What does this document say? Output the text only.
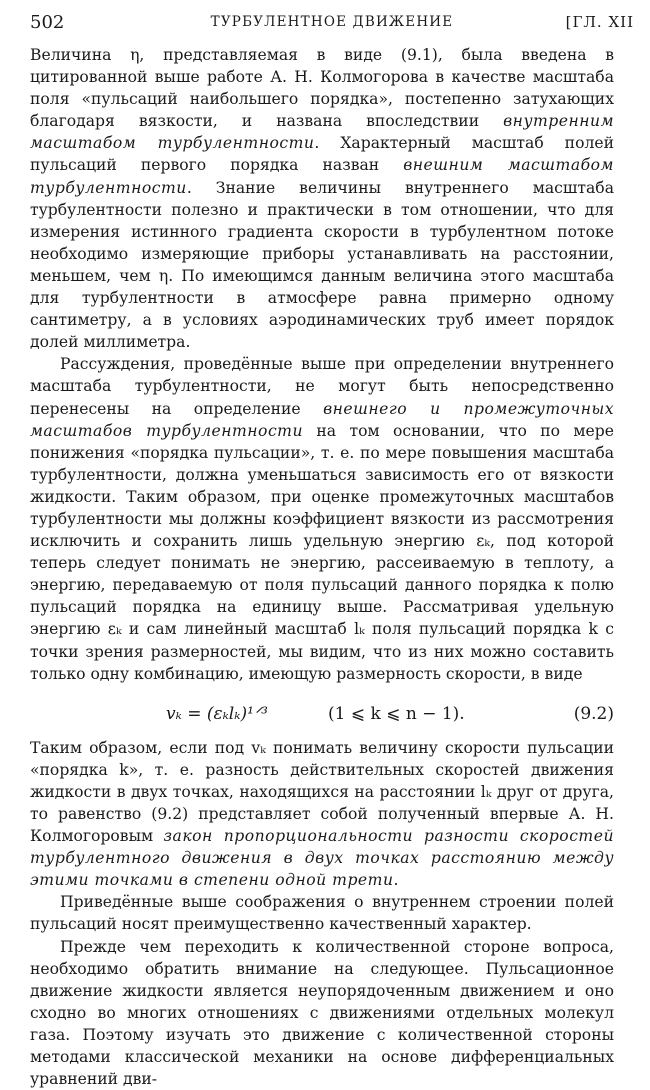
502	ТУРБУЛЕНТНОЕ ДВИЖЕНИЕ	[ГЛ. XII

Величина η, представляемая в виде (9.1), была введена в цитированной выше работе А. Н. Колмогорова в качестве масштаба поля «пульсаций наибольшего порядка», постепенно затухающих благодаря вязкости, и названа впоследствии внутренним масштабом турбулентности. Характерный масштаб полей пульсаций первого порядка назван внешним масштабом турбулентности. Знание величины внутреннего масштаба турбулентности полезно и практически в том отношении, что для измерения истинного градиента скорости в турбулентном потоке необходимо измеряющие приборы устанавливать на расстоянии, меньшем, чем η. По имеющимся данным величина этого масштаба для турбулентности в атмосфере равна примерно одному сантиметру, а в условиях аэродинамических труб имеет порядок долей миллиметра.

Рассуждения, проведённые выше при определении внутреннего масштаба турбулентности, не могут быть непосредственно перенесены на определение внешнего и промежуточных масштабов турбулентности на том основании, что по мере понижения «порядка пульсации», т. е. по мере повышения масштаба турбулентности, должна уменьшаться зависимость его от вязкости жидкости. Таким образом, при оценке промежуточных масштабов турбулентности мы должны коэффициент вязкости из рассмотрения исключить и сохранить лишь удельную энергию εₖ, под которой теперь следует понимать не энергию, рассеиваемую в теплоту, а энергию, передаваемую от поля пульсаций данного порядка к полю пульсаций порядка на единицу выше. Рассматривая удельную энергию εₖ и сам линейный масштаб lₖ поля пульсаций порядка k с точки зрения размерностей, мы видим, что из них можно составить только одну комбинацию, имеющую размерность скорости, в виде

vₖ = (εₖlₖ)¹ᐟ³	(1 ⩽ k ⩽ n − 1).	(9.2)

Таким образом, если под vₖ понимать величину скорости пульсации «порядка k», т. е. разность действительных скоростей движения жидкости в двух точках, находящихся на расстоянии lₖ друг от друга, то равенство (9.2) представляет собой полученный впервые А. Н. Колмогоровым закон пропорциональности разности скоростей турбулентного движения в двух точках расстоянию между этими точками в степени одной трети.

Приведённые выше соображения о внутреннем строении полей пульсаций носят преимущественно качественный характер.

Прежде чем переходить к количественной стороне вопроса, необходимо обратить внимание на следующее. Пульсационное движение жидкости является неупорядоченным движением и оно сходно во многих отношениях с движениями отдельных молекул газа. Поэтому изучать это движение с количественной стороны методами классической механики на основе дифференциальных уравнений дви-
